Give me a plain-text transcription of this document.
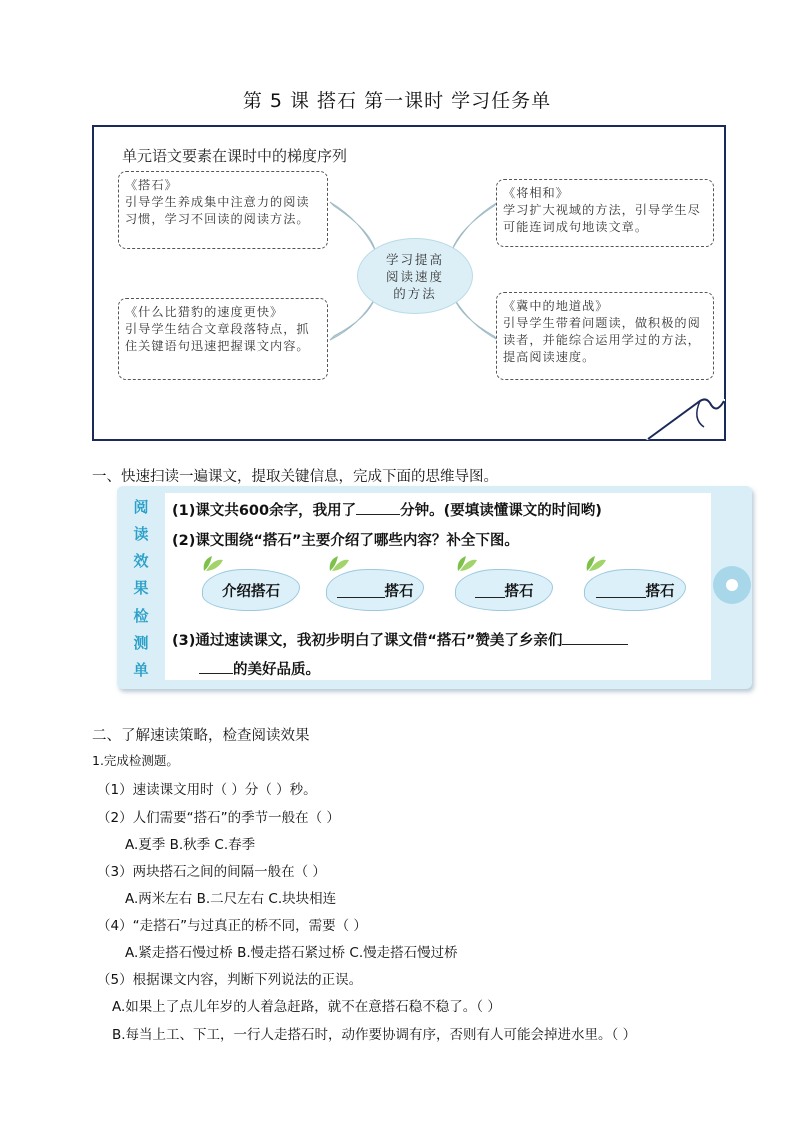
第 5 课 搭石 第一课时 学习任务单
单元语文要素在课时中的梯度序列
《搭石》
引导学生养成集中注意力的阅读习惯，学习不回读的阅读方法。
《什么比猎豹的速度更快》
引导学生结合文章段落特点，抓住关键语句迅速把握课文内容。
《将相和》
学习扩大视域的方法，引导学生尽可能连词成句地读文章。
《冀中的地道战》
引导学生带着问题读，做积极的阅读者，并能综合运用学过的方法，提高阅读速度。
学习提高阅读速度的方法
一、快速扫读一遍课文，提取关键信息，完成下面的思维导图。
阅
读
效
果
检
测
单
(1)课文共600余字，我用了	分钟。(要填读懂课文的时间哟)
(2)课文围绕“搭石”主要介绍了哪些内容？补全下图。
介绍搭石	搭石	搭石	搭石
(3)通过速读课文，我初步明白了课文借“搭石”赞美了乡亲们
的美好品质。
二、了解速读策略，检查阅读效果
1.完成检测题。
（1）速读课文用时（ ）分（ ）秒。
（2）人们需要“搭石”的季节一般在（ ）
A.夏季 B.秋季 C.春季
（3）两块搭石之间的间隔一般在（ ）
A.两米左右 B.二尺左右 C.块块相连
（4）“走搭石”与过真正的桥不同，需要（ ）
A.紧走搭石慢过桥 B.慢走搭石紧过桥 C.慢走搭石慢过桥
（5）根据课文内容，判断下列说法的正误。
A.如果上了点儿年岁的人着急赶路，就不在意搭石稳不稳了。（ ）
B.每当上工、下工，一行人走搭石时，动作要协调有序，否则有人可能会掉进水里。（ ）
